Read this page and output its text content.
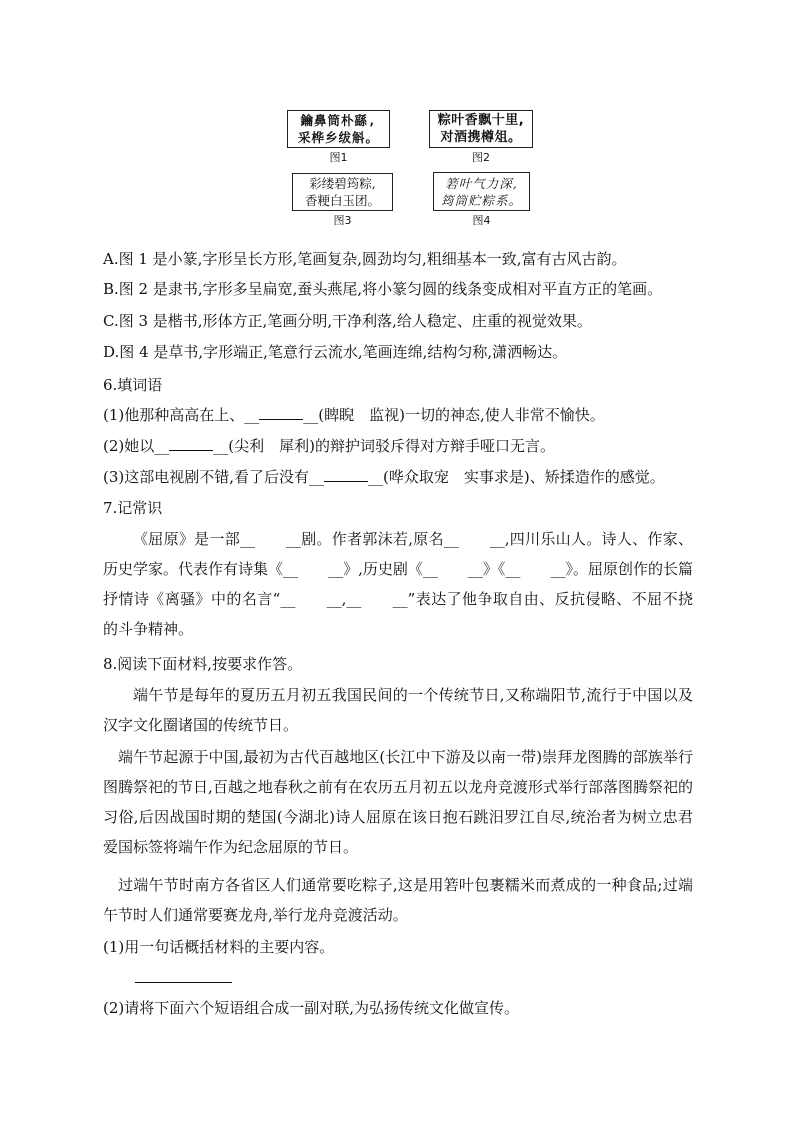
鑰鼻筒朴繇,
采桦乡绂斛。
图1
粽叶香飘十里,
对酒携樽俎。
图2
彩缕碧筠粽,
香粳白玉团。
图3
箬叶气力深,
筠筒贮粽系。
图4
A.图 1 是小篆,字形呈长方形,笔画复杂,圆劲均匀,粗细基本一致,富有古风古韵。
B.图 2 是隶书,字形多呈扁宽,蚕头燕尾,将小篆匀圆的线条变成相对平直方正的笔画。
C.图 3 是楷书,形体方正,笔画分明,干净利落,给人稳定、庄重的视觉效果。
D.图 4 是草书,字形端正,笔意行云流水,笔画连绵,结构匀称,潇洒畅达。
6.填词语
(1)他那种高高在上、__	__(睥睨　监视)一切的神态,使人非常不愉快。
(2)她以__	__(尖利　犀利)的辩护词驳斥得对方辩手哑口无言。
(3)这部电视剧不错,看了后没有__	__(哗众取宠　实事求是)、矫揉造作的感觉。
7.记常识
《屈原》是一部__　　__剧。作者郭沫若,原名__　　__,四川乐山人。诗人、作家、历史学家。代表作有诗集《__　　__》,历史剧《__　　__》《__　　__》。屈原创作的长篇抒情诗《离骚》中的名言“__　　__,__　　__”表达了他争取自由、反抗侵略、不屈不挠的斗争精神。
8.阅读下面材料,按要求作答。
端午节是每年的夏历五月初五我国民间的一个传统节日,又称端阳节,流行于中国以及汉字文化圈诸国的传统节日。
端午节起源于中国,最初为古代百越地区(长江中下游及以南一带)崇拜龙图腾的部族举行图腾祭祀的节日,百越之地春秋之前有在农历五月初五以龙舟竞渡形式举行部落图腾祭祀的习俗,后因战国时期的楚国(今湖北)诗人屈原在该日抱石跳汨罗江自尽,统治者为树立忠君爱国标签将端午作为纪念屈原的节日。
过端午节时南方各省区人们通常要吃粽子,这是用箬叶包裹糯米而煮成的一种食品;过端午节时人们通常要赛龙舟,举行龙舟竞渡活动。
(1)用一句话概括材料的主要内容。
(2)请将下面六个短语组合成一副对联,为弘扬传统文化做宣传。
